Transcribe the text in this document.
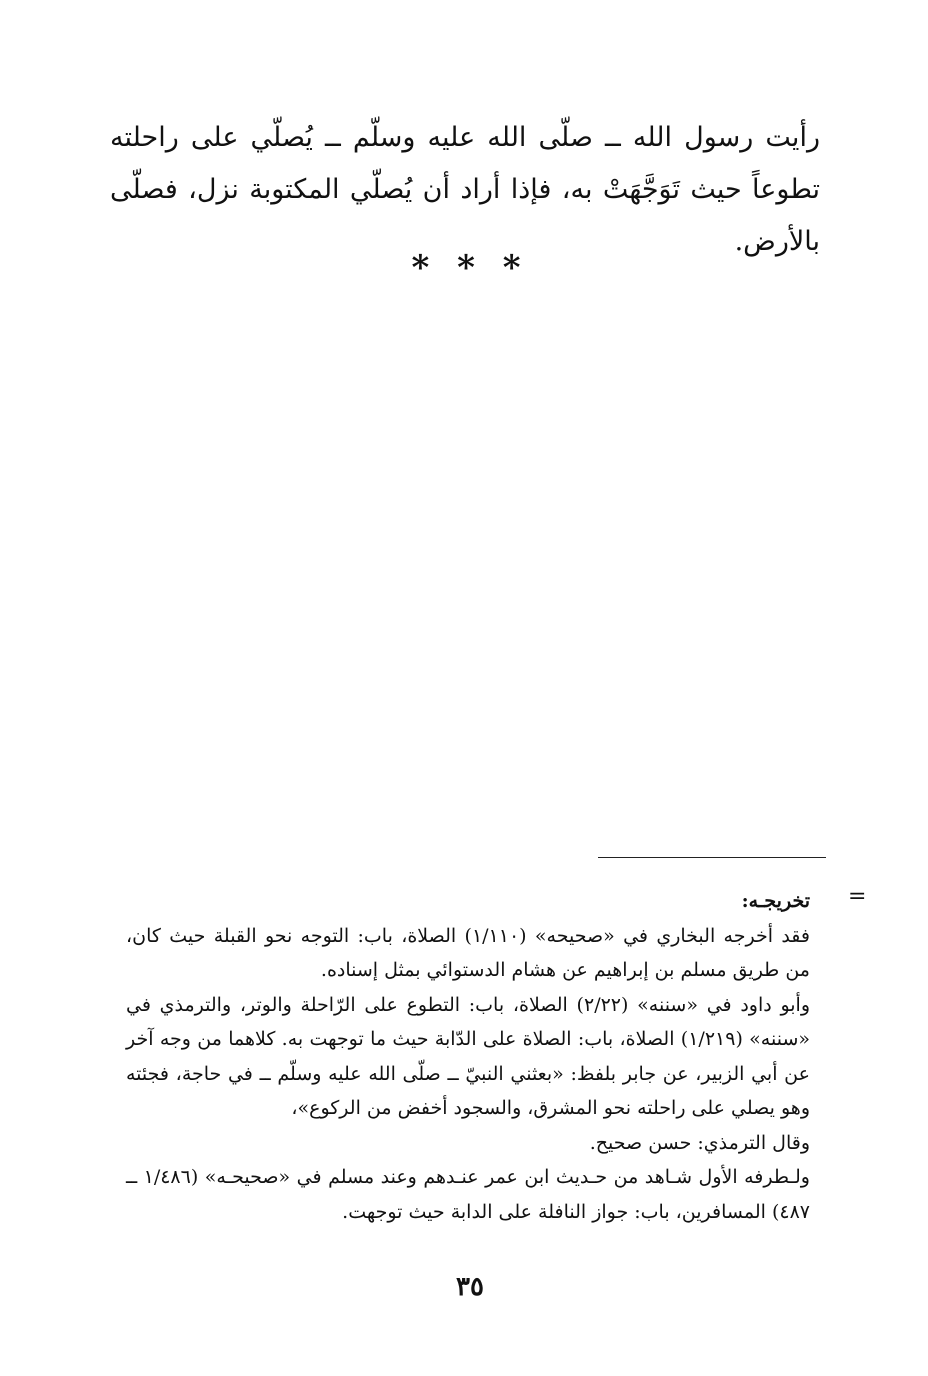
رأيت رسول الله ــ صلّى الله عليه وسلّم ــ يُصلّي على راحلته تطوعاً حيث تَوَجَّهَتْ به، فإذا أراد أن يُصلّي المكتوبة نزل، فصلّى بالأرض.

* * *
=

تخريجـه:

فقد أخرجه البخاري في «صحيحه» (١/١١٠) الصلاة، باب: التوجه نحو القبلة حيث كان، من طريق مسلم بن إبراهيم عن هشام الدستوائي بمثل إسناده.

وأبو داود في «سننه» (٢/٢٢) الصلاة، باب: التطوع على الرّاحلة والوتر، والترمذي في «سننه» (١/٢١٩) الصلاة، باب: الصلاة على الدّابة حيث ما توجهت به. كلاهما من وجه آخر عن أبي الزبير، عن جابر بلفظ: «بعثني النبيّ ــ صلّى الله عليه وسلّم ــ في حاجة، فجئته وهو يصلي على راحلته نحو المشرق، والسجود أخفض من الركوع»،

وقال الترمذي: حسن صحيح.

ولـطرفه الأول شـاهد من حـديث ابن عمر عنـدهم وعند مسلم في «صحيحـه» (١/٤٨٦ ــ ٤٨٧) المسافرين، باب: جواز النافلة على الدابة حيث توجهت.

٣٥
